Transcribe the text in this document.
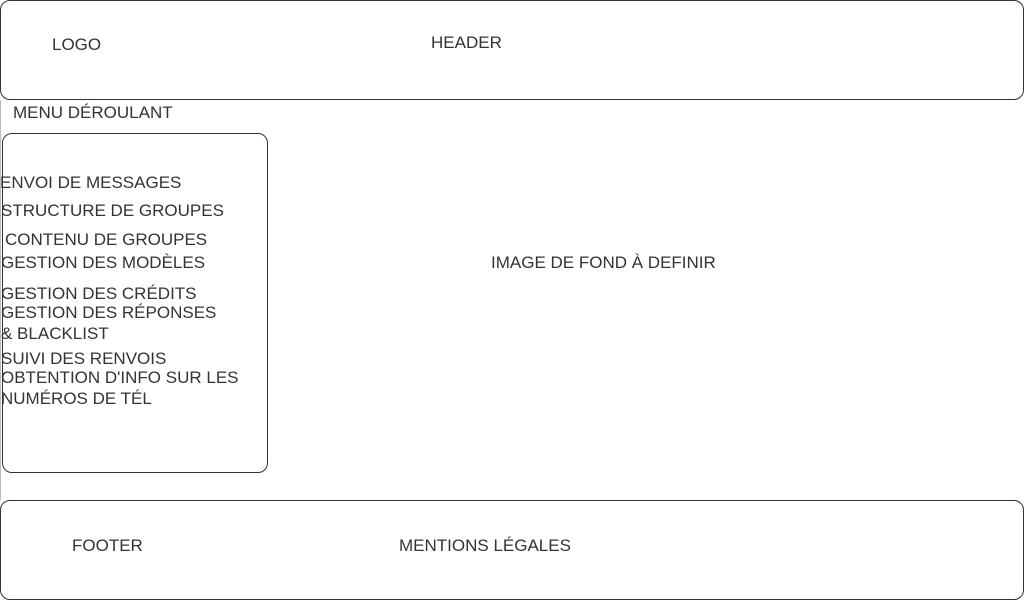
LOGO	HEADER
MENU DÉROULANT
ENVOI DE MESSAGES
STRUCTURE DE GROUPES
CONTENU DE GROUPES
GESTION DES MODÈLES
GESTION DES CRÉDITS
GESTION DES RÉPONSES
& BLACKLIST
SUIVI DES RENVOIS
OBTENTION D'INFO SUR LES
NUMÉROS DE TÉL
IMAGE DE FOND À DEFINIR
FOOTER	MENTIONS LÉGALES
